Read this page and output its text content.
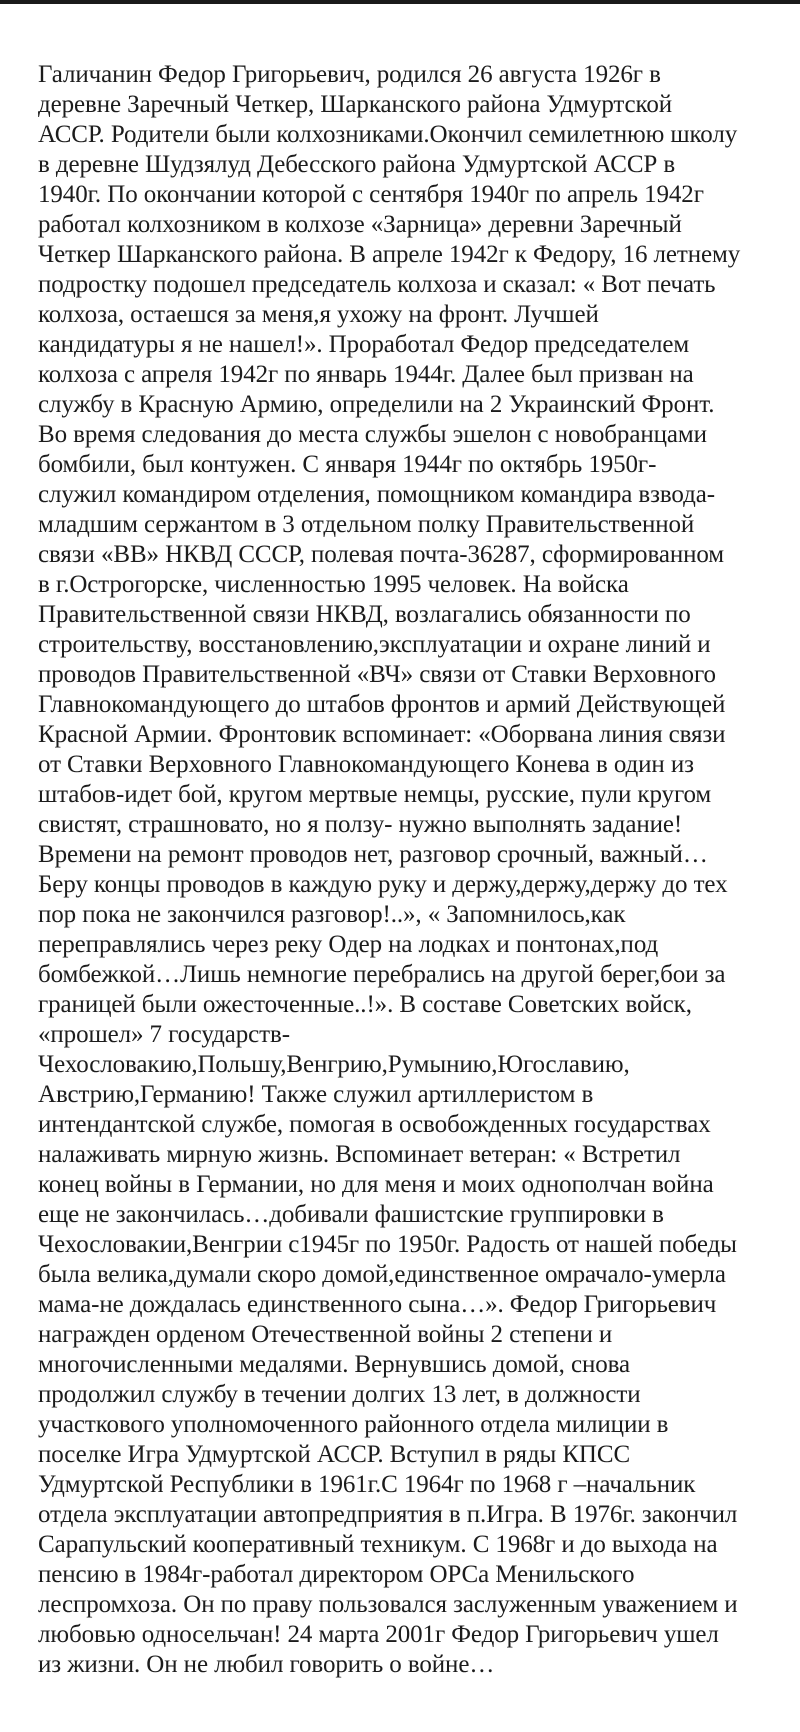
Галичанин Федор Григорьевич, родился 26 августа 1926г в
деревне Заречный Четкер, Шарканского района Удмуртской
АССР. Родители были колхозниками.Окончил семилетнюю школу
в деревне Шудзялуд Дебесского района Удмуртской АССР в
1940г. По окончании которой с сентября 1940г по апрель 1942г
работал колхозником в колхозе «Зарница» деревни Заречный
Четкер Шарканского района. В апреле 1942г к Федору, 16 летнему
подростку подошел председатель колхоза и сказал: « Вот печать
колхоза, остаешся за меня,я ухожу на фронт. Лучшей
кандидатуры я не нашел!». Проработал Федор председателем
колхоза с апреля 1942г по январь 1944г. Далее был призван на
службу в Красную Армию, определили на 2 Украинский Фронт.
Во время следования до места службы эшелон с новобранцами
бомбили, был контужен. С января 1944г по октябрь 1950г-
служил командиром отделения, помощником командира взвода-
младшим сержантом в 3 отдельном полку Правительственной
связи «ВВ» НКВД СССР, полевая почта-36287, сформированном
в г.Острогорске, численностью 1995 человек. На войска
Правительственной связи НКВД, возлагались обязанности по
строительству, восстановлению,эксплуатации и охране линий и
проводов Правительственной «ВЧ» связи от Ставки Верховного
Главнокомандующего до штабов фронтов и армий Действующей
Красной Армии. Фронтовик вспоминает: «Оборвана линия связи
от Ставки Верховного Главнокомандующего Конева в один из
штабов-идет бой, кругом мертвые немцы, русские, пули кругом
свистят, страшновато, но я ползу- нужно выполнять задание!
Времени на ремонт проводов нет, разговор срочный, важный…
Беру концы проводов в каждую руку и держу,держу,держу до тех
пор пока не закончился разговор!..», « Запомнилось,как
переправлялись через реку Одер на лодках и понтонах,под
бомбежкой…Лишь немногие перебрались на другой берег,бои за
границей были ожесточенные..!». В составе Советских войск,
«прошел» 7 государств-
Чехословакию,Польшу,Венгрию,Румынию,Югославию,
Австрию,Германию! Также служил артиллеристом в
интендантской службе, помогая в освобожденных государствах
налаживать мирную жизнь. Вспоминает ветеран: « Встретил
конец войны в Германии, но для меня и моих однополчан война
еще не закончилась…добивали фашистские группировки в
Чехословакии,Венгрии с1945г по 1950г. Радость от нашей победы
была велика,думали скоро домой,единственное омрачало-умерла
мама-не дождалась единственного сына…». Федор Григорьевич
награжден орденом Отечественной войны 2 степени и
многочисленными медалями. Вернувшись домой, снова
продолжил службу в течении долгих 13 лет, в должности
участкового уполномоченного районного отдела милиции в
поселке Игра Удмуртской АССР. Вступил в ряды КПСС
Удмуртской Республики в 1961г.С 1964г по 1968 г –начальник
отдела эксплуатации автопредприятия в п.Игра. В 1976г. закончил
Сарапульский кооперативный техникум. С 1968г и до выхода на
пенсию в 1984г-работал директором ОРСа Менильского
леспромхоза. Он по праву пользовался заслуженным уважением и
любовью односельчан! 24 марта 2001г Федор Григорьевич ушел
из жизни. Он не любил говорить о войне…
